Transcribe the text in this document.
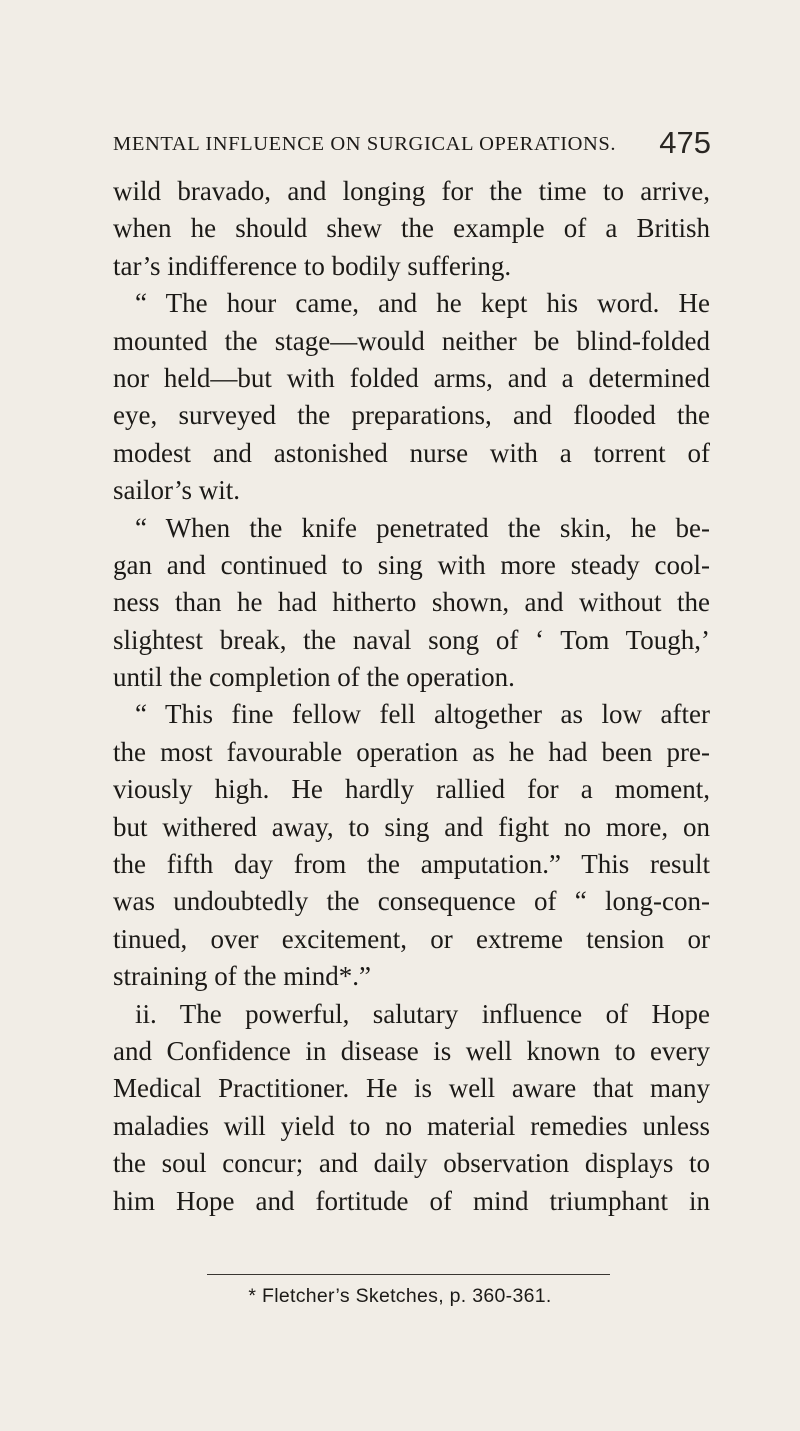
MENTAL INFLUENCE ON SURGICAL OPERATIONS. 475
wild bravado, and longing for the time to arrive,
when he should shew the example of a British
tar’s indifference to bodily suffering.
“ The hour came, and he kept his word. He
mounted the stage—would neither be blind-folded
nor held—but with folded arms, and a determined
eye, surveyed the preparations, and flooded the
modest and astonished nurse with a torrent of
sailor’s wit.
“ When the knife penetrated the skin, he be-
gan and continued to sing with more steady cool-
ness than he had hitherto shown, and without the
slightest break, the naval song of ‘ Tom Tough,’
until the completion of the operation.
“ This fine fellow fell altogether as low after
the most favourable operation as he had been pre-
viously high. He hardly rallied for a moment,
but withered away, to sing and fight no more, on
the fifth day from the amputation.” This result
was undoubtedly the consequence of “ long-con-
tinued, over excitement, or extreme tension or
straining of the mind*.”
ii. The powerful, salutary influence of Hope
and Confidence in disease is well known to every
Medical Practitioner. He is well aware that many
maladies will yield to no material remedies unless
the soul concur; and daily observation displays to
him Hope and fortitude of mind triumphant in
* Fletcher’s Sketches, p. 360-361.
